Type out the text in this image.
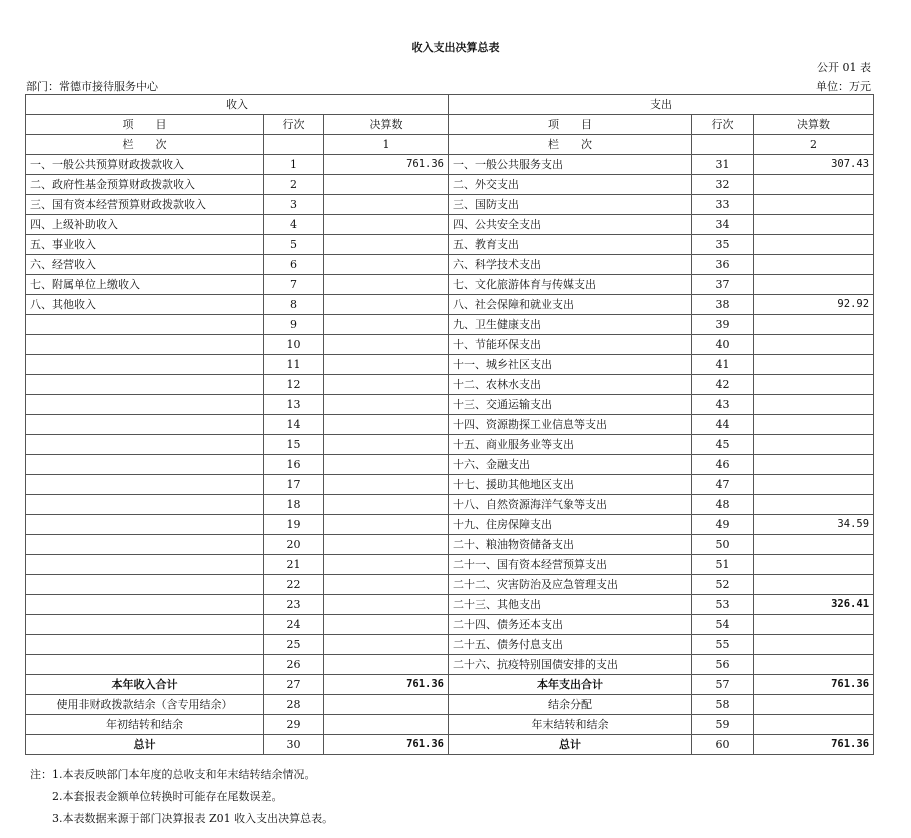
收入支出决算总表
公开 01 表
部门：常德市接待服务中心	单位：万元
收入			支出		
项　　目	行次	决算数	项　　目	行次	决算数
栏　　次		1	栏　　次		2
一、一般公共预算财政拨款收入	1	761.36	一、一般公共服务支出	31	307.43
二、政府性基金预算财政拨款收入	2		二、外交支出	32	
三、国有资本经营预算财政拨款收入	3		三、国防支出	33	
四、上级补助收入	4		四、公共安全支出	34	
五、事业收入	5		五、教育支出	35	
六、经营收入	6		六、科学技术支出	36	
七、附属单位上缴收入	7		七、文化旅游体育与传媒支出	37	
八、其他收入	8		八、社会保障和就业支出	38	92.92
	9		九、卫生健康支出	39	
	10		十、节能环保支出	40	
	11		十一、城乡社区支出	41	
	12		十二、农林水支出	42	
	13		十三、交通运输支出	43	
	14		十四、资源勘探工业信息等支出	44	
	15		十五、商业服务业等支出	45	
	16		十六、金融支出	46	
	17		十七、援助其他地区支出	47	
	18		十八、自然资源海洋气象等支出	48	
	19		十九、住房保障支出	49	34.59
	20		二十、粮油物资储备支出	50	
	21		二十一、国有资本经营预算支出	51	
	22		二十二、灾害防治及应急管理支出	52	
	23		二十三、其他支出	53	326.41
	24		二十四、债务还本支出	54	
	25		二十五、债务付息支出	55	
	26		二十六、抗疫特别国债安排的支出	56	
本年收入合计	27	761.36	本年支出合计	57	761.36
使用非财政拨款结余（含专用结余）	28		结余分配	58	
年初结转和结余	29		年末结转和结余	59	
总计	30	761.36	总计	60	761.36
注：1.本表反映部门本年度的总收支和年末结转结余情况。
2.本套报表金额单位转换时可能存在尾数误差。
3.本表数据来源于部门决算报表 Z01 收入支出决算总表。
